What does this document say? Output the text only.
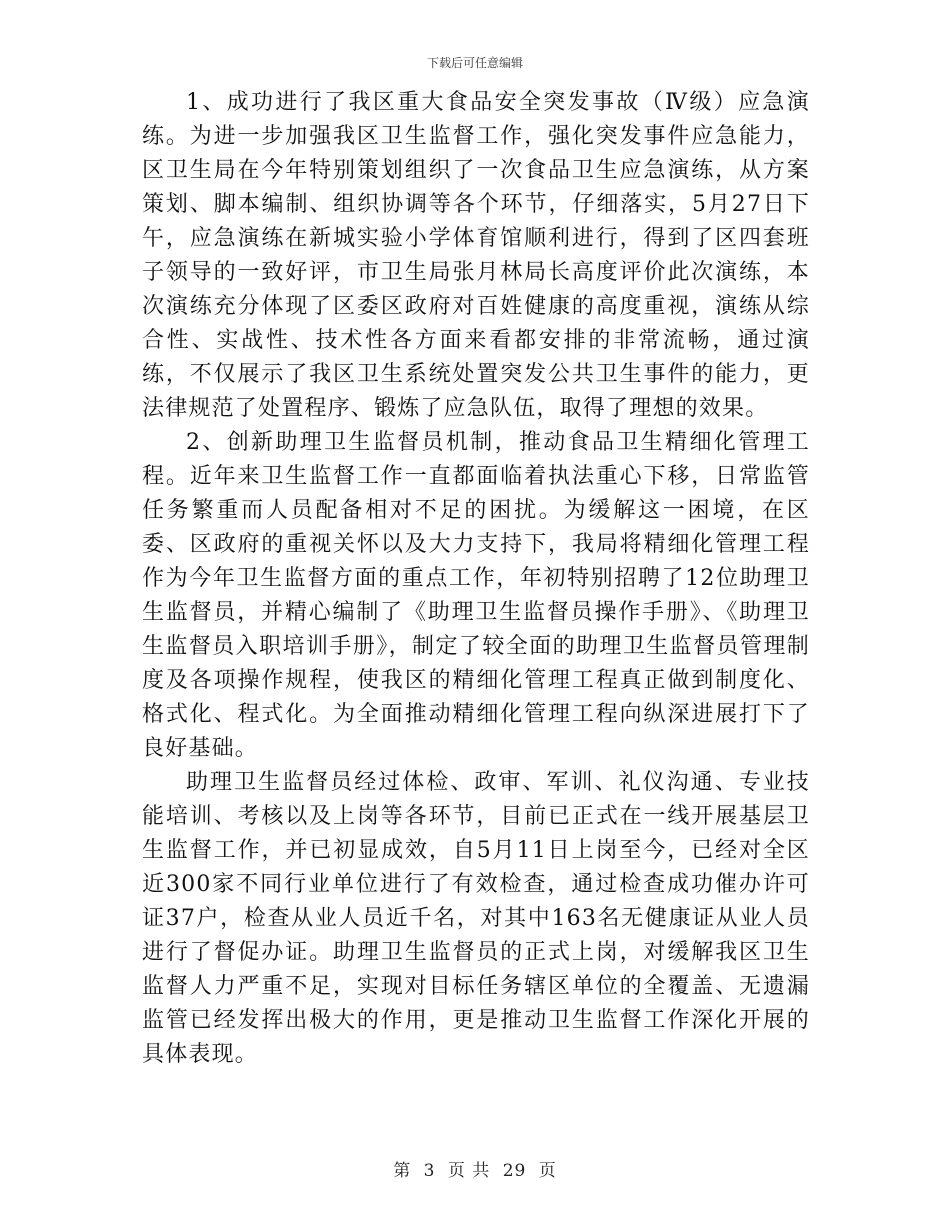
下载后可任意编辑

1、成功进行了我区重大食品安全突发事故（Ⅳ级）应急演练。为进一步加强我区卫生监督工作，强化突发事件应急能力，区卫生局在今年特别策划组织了一次食品卫生应急演练，从方案策划、脚本编制、组织协调等各个环节，仔细落实，5月27日下午，应急演练在新城实验小学体育馆顺利进行，得到了区四套班子领导的一致好评，市卫生局张月林局长高度评价此次演练，本次演练充分体现了区委区政府对百姓健康的高度重视，演练从综合性、实战性、技术性各方面来看都安排的非常流畅，通过演练，不仅展示了我区卫生系统处置突发公共卫生事件的能力，更法律规范了处置程序、锻炼了应急队伍，取得了理想的效果。

2、创新助理卫生监督员机制，推动食品卫生精细化管理工程。近年来卫生监督工作一直都面临着执法重心下移，日常监管任务繁重而人员配备相对不足的困扰。为缓解这一困境，在区委、区政府的重视关怀以及大力支持下，我局将精细化管理工程作为今年卫生监督方面的重点工作，年初特别招聘了12位助理卫生监督员，并精心编制了《助理卫生监督员操作手册》、《助理卫生监督员入职培训手册》，制定了较全面的助理卫生监督员管理制度及各项操作规程，使我区的精细化管理工程真正做到制度化、格式化、程式化。为全面推动精细化管理工程向纵深进展打下了良好基础。

助理卫生监督员经过体检、政审、军训、礼仪沟通、专业技能培训、考核以及上岗等各环节，目前已正式在一线开展基层卫生监督工作，并已初显成效，自5月11日上岗至今，已经对全区近300家不同行业单位进行了有效检查，通过检查成功催办许可证37户，检查从业人员近千名，对其中163名无健康证从业人员进行了督促办证。助理卫生监督员的正式上岗，对缓解我区卫生监督人力严重不足，实现对目标任务辖区单位的全覆盖、无遗漏监管已经发挥出极大的作用，更是推动卫生监督工作深化开展的具体表现。

第 3 页 共 29 页
